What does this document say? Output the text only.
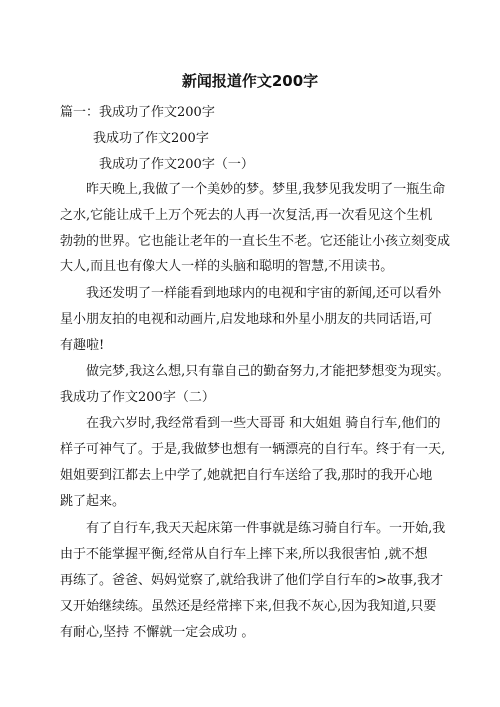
新闻报道作文200字
篇一：我成功了作文200字
我成功了作文200字
我成功了作文200字（一）
昨天晚上,我做了一个美妙的梦。梦里,我梦见我发明了一瓶生命
之水,它能让成千上万个死去的人再一次复活,再一次看见这个生机
勃勃的世界。它也能让老年的一直长生不老。它还能让小孩立刻变成
大人,而且也有像大人一样的头脑和聪明的智慧,不用读书。
我还发明了一样能看到地球内的电视和宇宙的新闻,还可以看外
星小朋友拍的电视和动画片,启发地球和外星小朋友的共同话语,可
有趣啦!
做完梦,我这么想,只有靠自己的勤奋努力,才能把梦想变为现实。
我成功了作文200字（二）
在我六岁时,我经常看到一些大哥哥 和大姐姐 骑自行车,他们的
样子可神气了。于是,我做梦也想有一辆漂亮的自行车。终于有一天,
姐姐要到江都去上中学了,她就把自行车送给了我,那时的我开心地
跳了起来。
有了自行车,我天天起床第一件事就是练习骑自行车。一开始,我
由于不能掌握平衡,经常从自行车上摔下来,所以我很害怕 ,就不想
再练了。爸爸、妈妈觉察了,就给我讲了他们学自行车的>故事,我才
又开始继续练。虽然还是经常摔下来,但我不灰心,因为我知道,只要
有耐心,坚持 不懈就一定会成功 。
